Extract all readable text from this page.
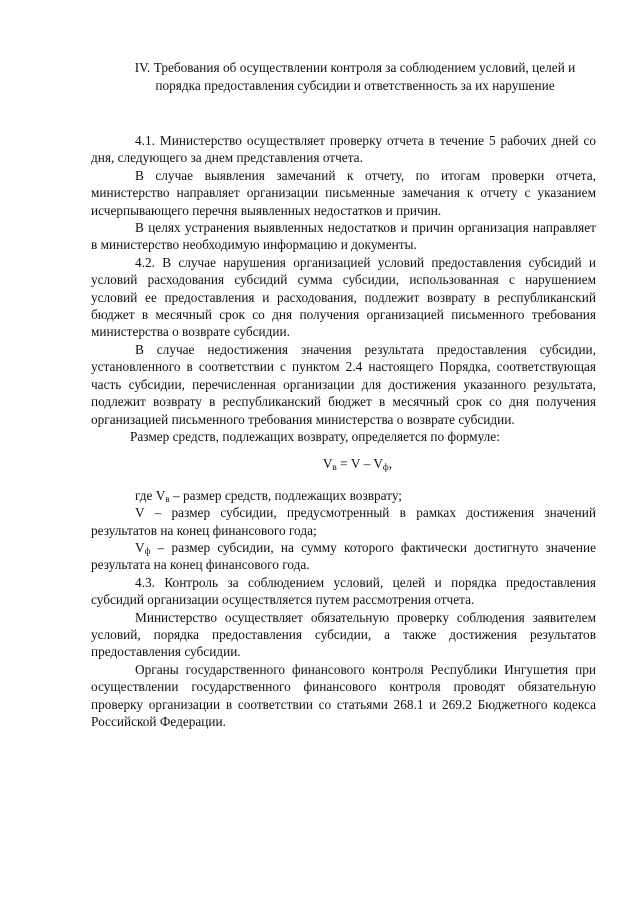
IV. Требования об осуществлении контроля за соблюдением условий, целей и порядка предоставления субсидии и ответственность за их нарушение

4.1. Министерство осуществляет проверку отчета в течение 5 рабочих дней со дня, следующего за днем представления отчета.

В случае выявления замечаний к отчету, по итогам проверки отчета, министерство направляет организации письменные замечания к отчету с указанием исчерпывающего перечня выявленных недостатков и причин.

В целях устранения выявленных недостатков и причин организация направляет в министерство необходимую информацию и документы.

4.2. В случае нарушения организацией условий предоставления субсидий и условий расходования субсидий сумма субсидии, использованная с нарушением условий ее предоставления и расходования, подлежит возврату в республиканский бюджет в месячный срок со дня получения организацией письменного требования министерства о возврате субсидии.

В случае недостижения значения результата предоставления субсидии, установленного в соответствии с пунктом 2.4 настоящего Порядка, соответствующая часть субсидии, перечисленная организации для достижения указанного результата, подлежит возврату в республиканский бюджет в месячный срок со дня получения организацией письменного требования министерства о возврате субсидии.

Размер средств, подлежащих возврату, определяется по формуле:

$V_в = V - V_ф$,

где Vв – размер средств, подлежащих возврату;

V – размер субсидии, предусмотренный в рамках достижения значений результатов на конец финансового года;

Vф – размер субсидии, на сумму которого фактически достигнуто значение результата на конец финансового года.

4.3. Контроль за соблюдением условий, целей и порядка предоставления субсидий организации осуществляется путем рассмотрения отчета.

Министерство осуществляет обязательную проверку соблюдения заявителем условий, порядка предоставления субсидии, а также достижения результатов предоставления субсидии.

Органы государственного финансового контроля Республики Ингушетия при осуществлении государственного финансового контроля проводят обязательную проверку организации в соответствии со статьями 268.1 и 269.2 Бюджетного кодекса Российской Федерации.
